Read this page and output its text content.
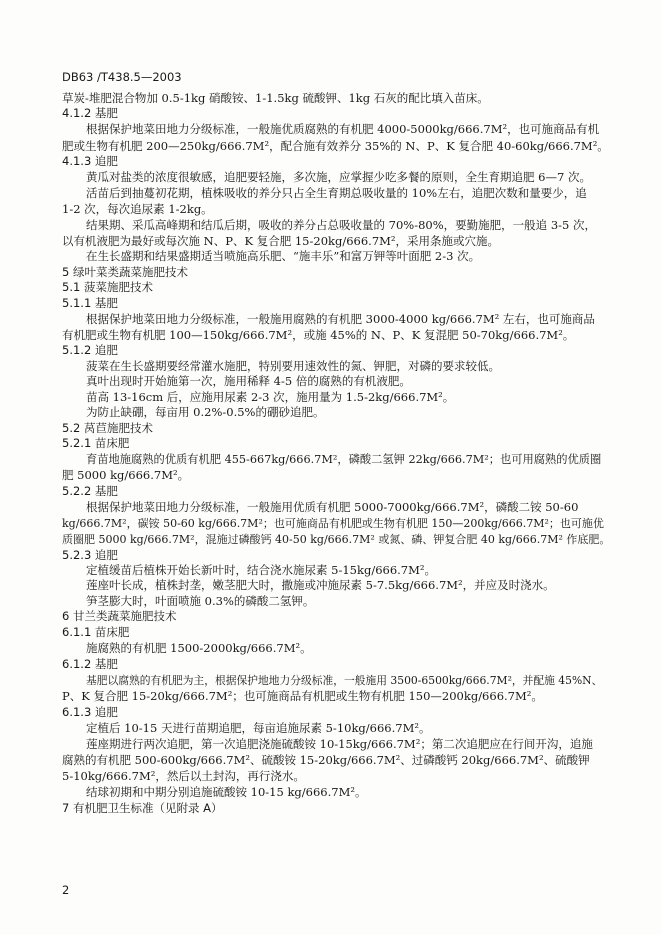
DB63 /T438.5—2003
草炭-堆肥混合物加 0.5-1kg 硝酸铵、1-1.5kg 硫酸钾、1kg 石灰的配比填入苗床。
4.1.2 基肥
根据保护地菜田地力分级标准，一般施优质腐熟的有机肥 4000-5000kg/666.7M²，也可施商品有机
肥或生物有机肥 200—250kg/666.7M²，配合施有效养分 35%的 N、P、K 复合肥 40-60kg/666.7M²。
4.1.3 追肥
黄瓜对盐类的浓度很敏感，追肥要轻施，多次施，应掌握少吃多餐的原则，全生育期追肥 6—7 次。
活苗后到抽蔓初花期，植株吸收的养分只占全生育期总吸收量的 10%左右，追肥次数和量要少，追
1-2 次，每次追尿素 1-2kg。
结果期、采瓜高峰期和结瓜后期，吸收的养分占总吸收量的 70%-80%，要勤施肥，一般追 3-5 次，
以有机液肥为最好或每次施 N、P、K 复合肥 15-20kg/666.7M²，采用条施或穴施。
在生长盛期和结果盛期适当喷施高乐肥、“施丰乐”和富万钾等叶面肥 2-3 次。
5 绿叶菜类蔬菜施肥技术
5.1 菠菜施肥技术
5.1.1 基肥
根据保护地菜田地力分级标准，一般施用腐熟的有机肥 3000-4000 kg/666.7M² 左右，也可施商品
有机肥或生物有机肥 100—150kg/666.7M²，或施 45%的 N、P、K 复混肥 50-70kg/666.7M²。
5.1.2 追肥
菠菜在生长盛期要经常灌水施肥，特别要用速效性的氮、钾肥，对磷的要求较低。
真叶出现时开始施第一次，施用稀释 4-5 倍的腐熟的有机液肥。
苗高 13-16cm 后，应施用尿素 2-3 次，施用量为 1.5-2kg/666.7M²。
为防止缺硼，每亩用 0.2%-0.5%的硼砂追肥。
5.2 莴苣施肥技术
5.2.1 苗床肥
育苗地施腐熟的优质有机肥 455-667kg/666.7M²，磷酸二氢钾 22kg/666.7M²；也可用腐熟的优质圈
肥 5000 kg/666.7M²。
5.2.2 基肥
根据保护地菜田地力分级标准，一般施用优质有机肥 5000-7000kg/666.7M²，磷酸二铵 50-60
kg/666.7M²，碳铵 50-60 kg/666.7M²；也可施商品有机肥或生物有机肥 150—200kg/666.7M²；也可施优
质圈肥 5000 kg/666.7M²，混施过磷酸钙 40-50 kg/666.7M² 或氮、磷、钾复合肥 40 kg/666.7M² 作底肥。
5.2.3 追肥
定植缓苗后植株开始长新叶时，结合浇水施尿素 5-15kg/666.7M²。
莲座叶长成，植株封垄，嫩茎肥大时，撒施或冲施尿素 5-7.5kg/666.7M²，并应及时浇水。
笋茎膨大时，叶面喷施 0.3%的磷酸二氢钾。
6 甘兰类蔬菜施肥技术
6.1.1 苗床肥
施腐熟的有机肥 1500-2000kg/666.7M²。
6.1.2 基肥
基肥以腐熟的有机肥为主，根据保护地地力分级标准，一般施用 3500-6500kg/666.7M²，并配施 45%N、
P、K 复合肥 15-20kg/666.7M²；也可施商品有机肥或生物有机肥 150—200kg/666.7M²。
6.1.3 追肥
定植后 10-15 天进行苗期追肥，每亩追施尿素 5-10kg/666.7M²。
莲座期进行两次追肥，第一次追肥浇施硫酸铵 10-15kg/666.7M²；第二次追肥应在行间开沟，追施
腐熟的有机肥 500-600kg/666.7M²、硫酸铵 15-20kg/666.7M²、过磷酸钙 20kg/666.7M²、硫酸钾
5-10kg/666.7M²，然后以土封沟，再行浇水。
结球初期和中期分别追施硫酸铵 10-15 kg/666.7M²。
7 有机肥卫生标准（见附录 A）
2
